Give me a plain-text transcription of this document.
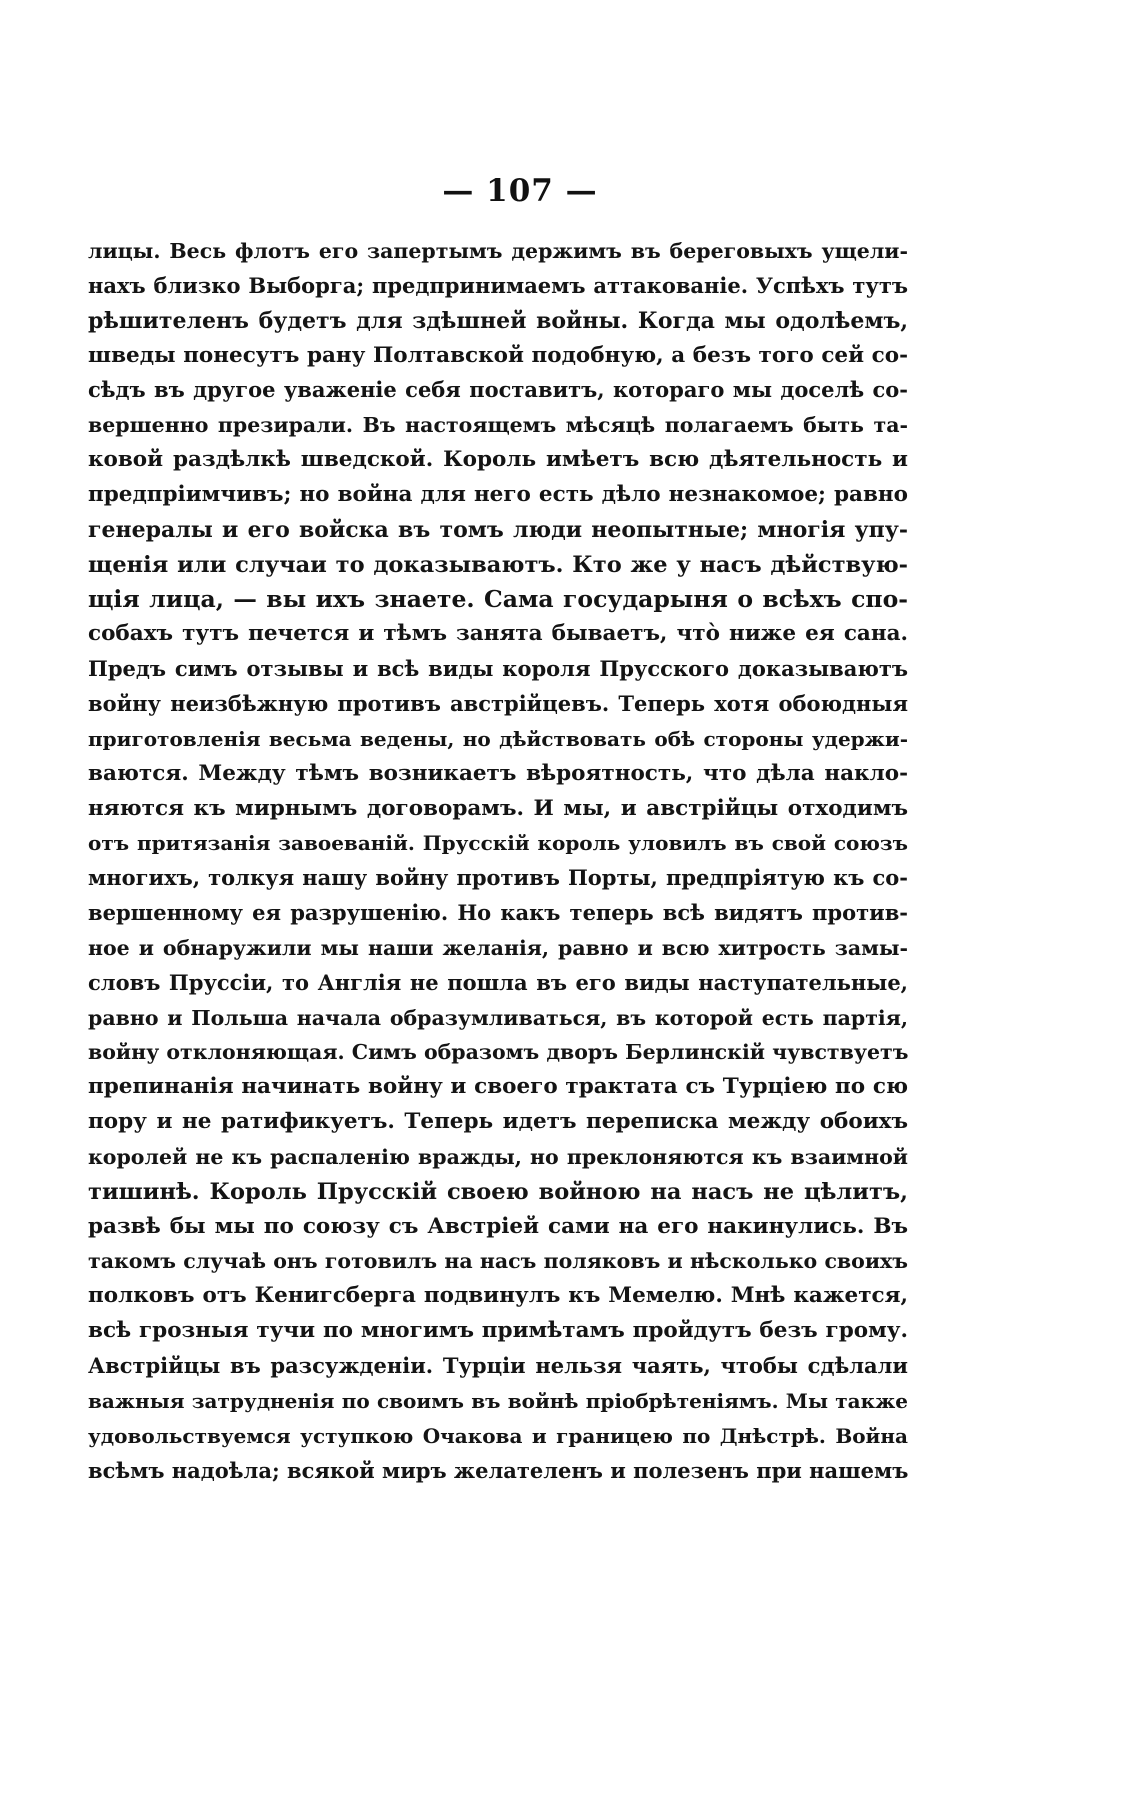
— 107 —
лицы. Весь флотъ его запертымъ держимъ въ береговыхъ ущели-
нахъ близко Выборга; предпринимаемъ аттакованіе. Успѣхъ тутъ
рѣшителенъ будетъ для здѣшней войны. Когда мы одолѣемъ,
шведы понесутъ рану Полтавской подобную, а безъ того сей со-
сѣдъ въ другое уваженіе себя поставитъ, котораго мы доселѣ со-
вершенно презирали. Въ настоящемъ мѣсяцѣ полагаемъ быть та-
ковой раздѣлкѣ шведской. Король имѣетъ всю дѣятельность и
предпріимчивъ; но война для него есть дѣло незнакомое; равно
генералы и его войска въ томъ люди неопытные; многія упу-
щенія или случаи то доказываютъ. Кто же у насъ дѣйствую-
щія лица, — вы ихъ знаете. Сама государыня о всѣхъ спо-
собахъ тутъ печется и тѣмъ занята бываетъ, что̀ ниже ея сана.
Предъ симъ отзывы и всѣ виды короля Прусского доказываютъ
войну неизбѣжную противъ австрійцевъ. Теперь хотя обоюдныя
приготовленія весьма ведены, но дѣйствовать обѣ стороны удержи-
ваются. Между тѣмъ возникаетъ вѣроятность, что дѣла накло-
няются къ мирнымъ договорамъ. И мы, и австрійцы отходимъ
отъ притязанія завоеваній. Прусскій король уловилъ въ свой союзъ
многихъ, толкуя нашу войну противъ Порты, предпріятую къ со-
вершенному ея разрушенію. Но какъ теперь всѣ видятъ против-
ное и обнаружили мы наши желанія, равно и всю хитрость замы-
словъ Пруссіи, то Англія не пошла въ его виды наступательные,
равно и Польша начала образумливаться, въ которой есть партія,
войну отклоняющая. Симъ образомъ дворъ Берлинскій чувствуетъ
препинанія начинать войну и своего трактата съ Турціею по сю
пору и не ратификуетъ. Теперь идетъ переписка между обоихъ
королей не къ распаленію вражды, но преклоняются къ взаимной
тишинѣ. Король Прусскій своею войною на насъ не цѣлитъ,
развѣ бы мы по союзу съ Австріей сами на его накинулись. Въ
такомъ случаѣ онъ готовилъ на насъ поляковъ и нѣсколько своихъ
полковъ отъ Кенигсберга подвинулъ къ Мемелю. Мнѣ кажется,
всѣ грозныя тучи по многимъ примѣтамъ пройдутъ безъ грому.
Австрійцы въ разсужденіи. Турціи нельзя чаять, чтобы сдѣлали
важныя затрудненія по своимъ въ войнѣ пріобрѣтеніямъ. Мы также
удовольствуемся уступкою Очакова и границею по Днѣстрѣ. Война
всѣмъ надоѣла; всякой миръ желателенъ и полезенъ при нашемъ
